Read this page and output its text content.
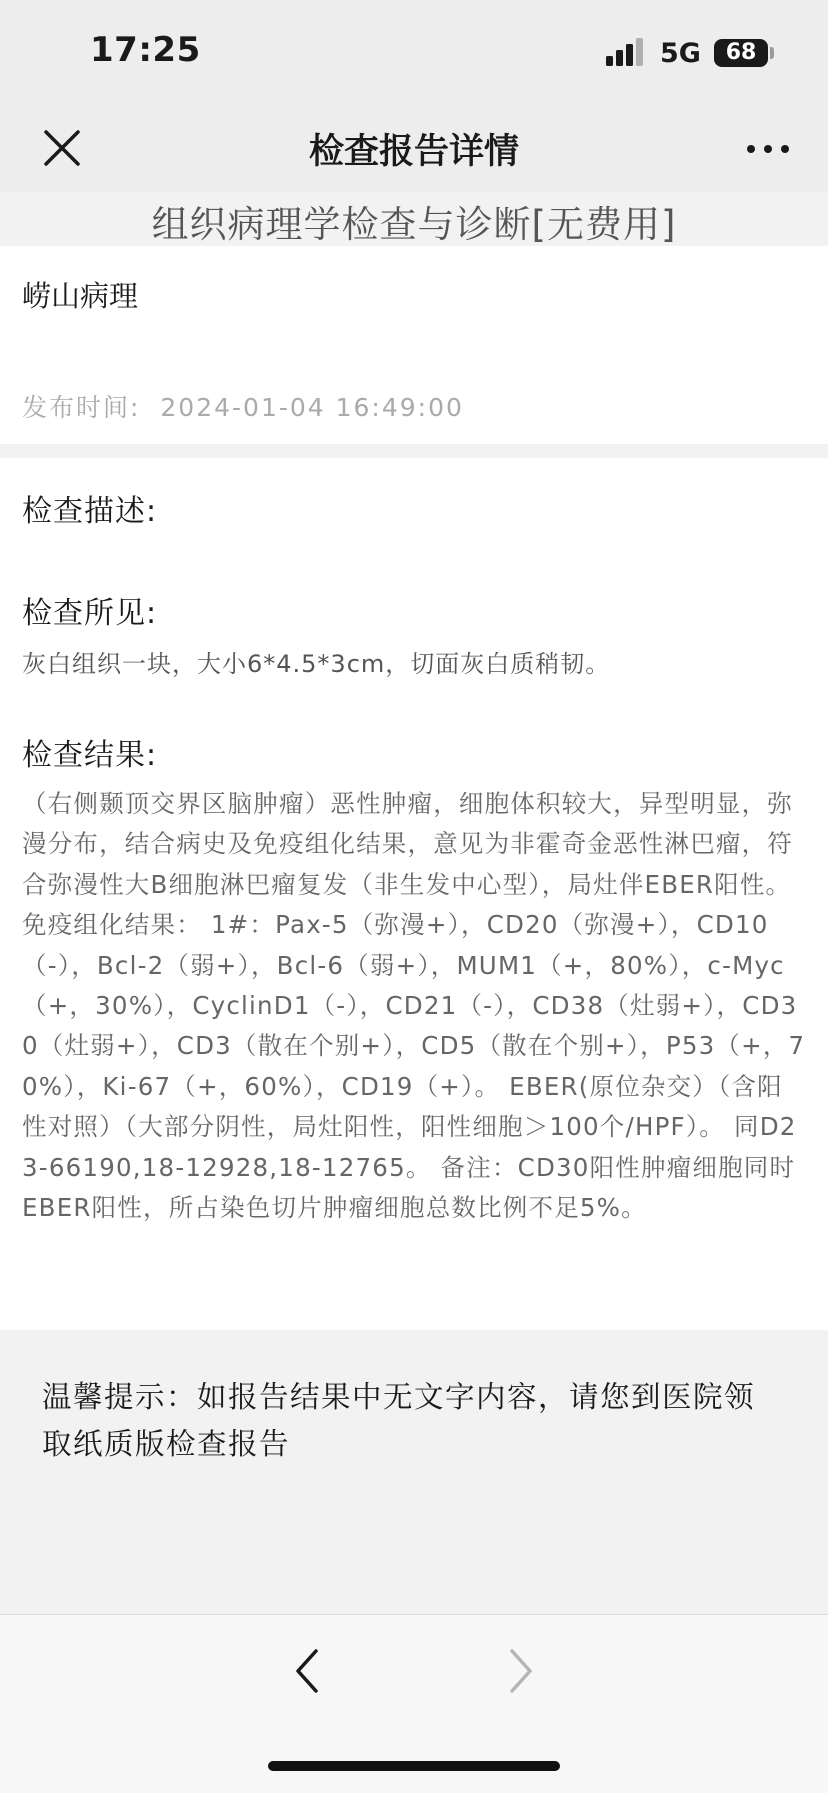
17:25	5G	68
检查报告详情
组织病理学检查与诊断[无费用]
崂山病理
发布时间: 2024-01-04 16:49:00
检查描述:
检查所见:
灰白组织一块，大小6*4.5*3cm，切面灰白质稍韧。
检查结果:

（右侧颞顶交界区脑肿瘤）恶性肿瘤，细胞体积较大，异型明显，弥漫分布，结合病史及免疫组化结果，意见为非霍奇金恶性淋巴瘤，符合弥漫性大B细胞淋巴瘤复发（非生发中心型），局灶伴EBER阳性。 免疫组化结果： 1#：Pax-5（弥漫+），CD20（弥漫+），CD10（-），Bcl-2（弱+），Bcl-6（弱+），MUM1（+，80%），c-Myc（+，30%），CyclinD1（-），CD21（-），CD38（灶弱+），CD30（灶弱+），CD3（散在个别+），CD5（散在个别+），P53（+，70%），Ki-67（+，60%），CD19（+）。 EBER(原位杂交）（含阳性对照）（大部分阴性，局灶阳性，阳性细胞＞100个/HPF）。 同D23-66190,18-12928,18-12765。 备注：CD30阳性肿瘤细胞同时EBER阳性，所占染色切片肿瘤细胞总数比例不足5%。

温馨提示：如报告结果中无文字内容，请您到医院领取纸质版检查报告
